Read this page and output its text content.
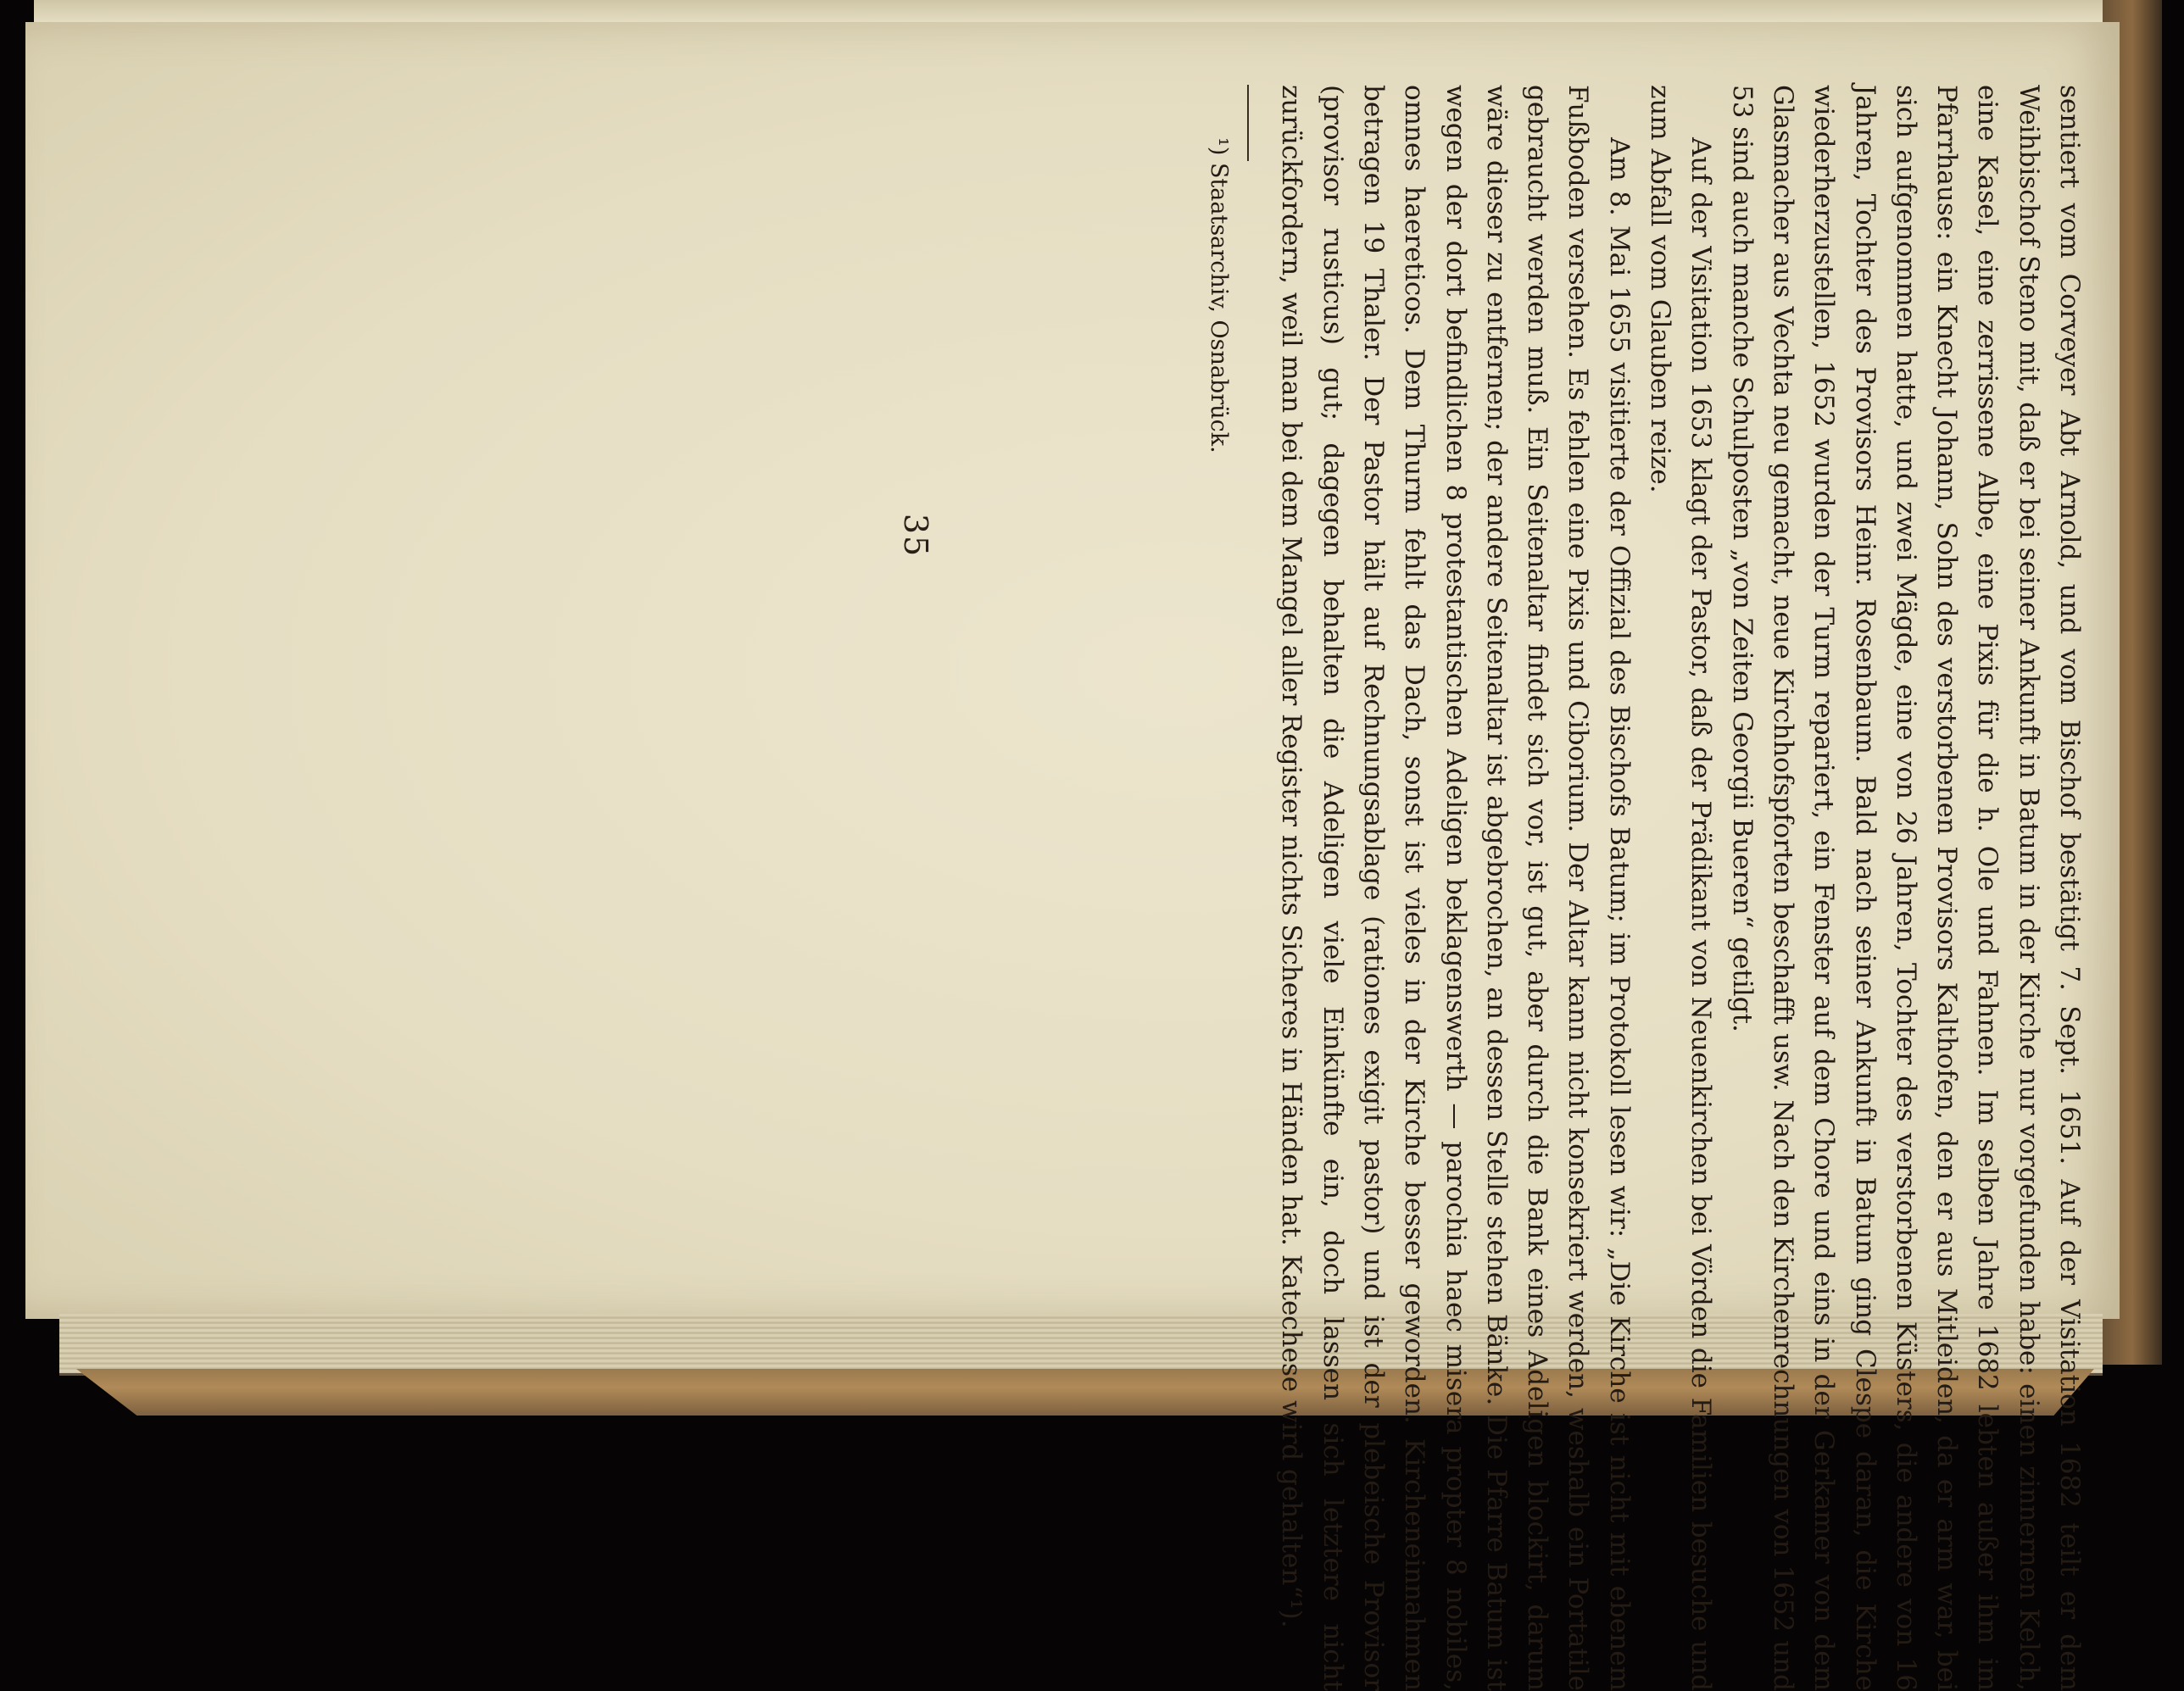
35	sentiert vom Corveyer Abt Arnold, und vom Bischof bestätigt 7. Sept. 1651. Auf der Visitation 1682 teilt er dem Weihbischof Steno mit, daß er bei seiner Ankunft in Batum in der Kirche nur vorgefunden habe: einen zinnernen Kelch, eine Kasel, eine zerrissene Albe, eine Pixis für die h. Ole und Fahnen. Im selben Jahre 1682 lebten außer ihm im Pfarrhause: ein Knecht Johann, Sohn des verstorbenen Provisors Kalthofen, den er aus Mitleiden, da er arm war, bei sich aufgenommen hatte, und zwei Mägde, eine von 26 Jahren, Tochter des verstorbenen Küsters, die andere von 16 Jahren, Tochter des Provisors Heinr. Rosenbaum. Bald nach seiner Ankunft in Batum ging Clespe daran, die Kirche wiederherzustellen, 1652 wurden der Turm repariert, ein Fenster auf dem Chore und eins in der Gerkamer von dem Glasmacher aus Vechta neu gemacht, neue Kirchhofspforten beschafft usw. Nach den Kirchenrechnungen von 1652 und 53 sind auch manche Schulposten „von Zeiten Georgii Bueren“ getilgt.

Auf der Visitation 1653 klagt der Pastor, daß der Prädikant von Neuenkirchen bei Vörden die Familien besuche und zum Abfall vom Glauben reize.

Am 8. Mai 1655 visitierte der Offizial des Bischofs Batum; im Protokoll lesen wir: „Die Kirche ist nicht mit ebenem Fußboden versehen. Es fehlen eine Pixis und Ciborium. Der Altar kann nicht konsekriert werden, weshalb ein Portatile gebraucht werden muß. Ein Seitenaltar findet sich vor, ist gut, aber durch die Bank eines Adeligen blockirt, darum wäre dieser zu entfernen; der andere Seitenaltar ist abgebrochen, an dessen Stelle stehen Bänke. Die Pfarre Batum ist wegen der dort befindlichen 8 protestantischen Adeligen beklagenswerth — parochia haec misera propter 8 nobiles, omnes haereticos. Dem Thurm fehlt das Dach, sonst ist vieles in der Kirche besser geworden. Kircheneinnahmen betragen 19 Thaler. Der Pastor hält auf Rechnungsablage (rationes exigit pastor) und ist der plebeische Provisor (provisor rusticus) gut; dagegen behalten die Adeligen viele Einkünfte ein, doch lassen sich letztere nicht zurückfordern, weil man bei dem Mangel aller Register nichts Sicheres in Händen hat. Katechese wird gehalten“¹).

¹) Staatsarchiv, Osnabrück.
